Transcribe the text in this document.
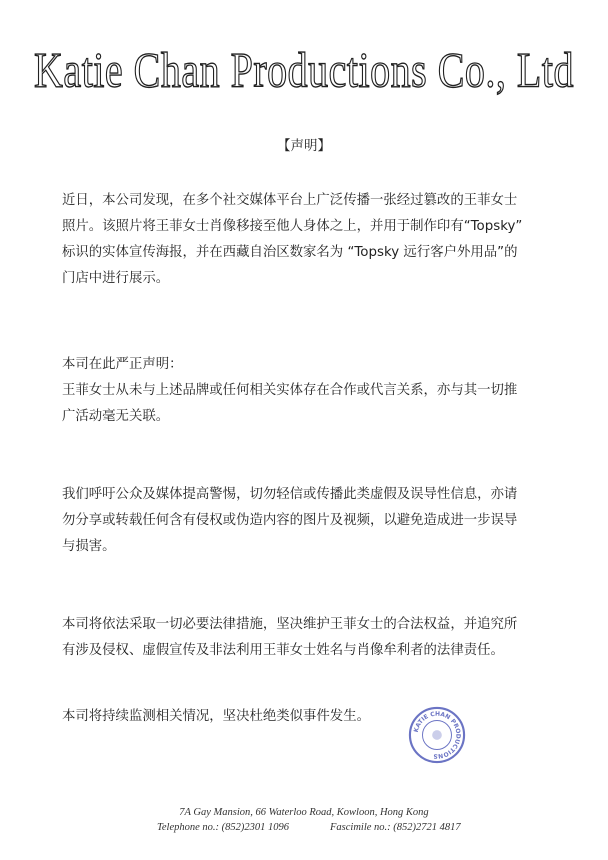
Katie Chan Productions Co., Ltd
【声明】
近日，本公司发现，在多个社交媒体平台上广泛传播一张经过篡改的王菲女士
照片。该照片将王菲女士肖像移接至他人身体之上，并用于制作印有“Topsky”
标识的实体宣传海报，并在西藏自治区数家名为 “Topsky 远行客户外用品”的
门店中进行展示。
本司在此严正声明：
王菲女士从未与上述品牌或任何相关实体存在合作或代言关系，亦与其一切推
广活动毫无关联。
我们呼吁公众及媒体提高警惕，切勿轻信或传播此类虚假及误导性信息，亦请
勿分享或转载任何含有侵权或伪造内容的图片及视频，以避免造成进一步误导
与损害。
本司将依法采取一切必要法律措施，坚决维护王菲女士的合法权益，并追究所
有涉及侵权、虚假宣传及非法利用王菲女士姓名与肖像牟利者的法律责任。
本司将持续监测相关情况，坚决杜绝类似事件发生。
KATIE CHAN PRODUCTIONS
7A Gay Mansion, 66 Waterloo Road, Kowloon, Hong Kong
Telephone no.: (852)2301 1096	Fascimile no.: (852)2721 4817
